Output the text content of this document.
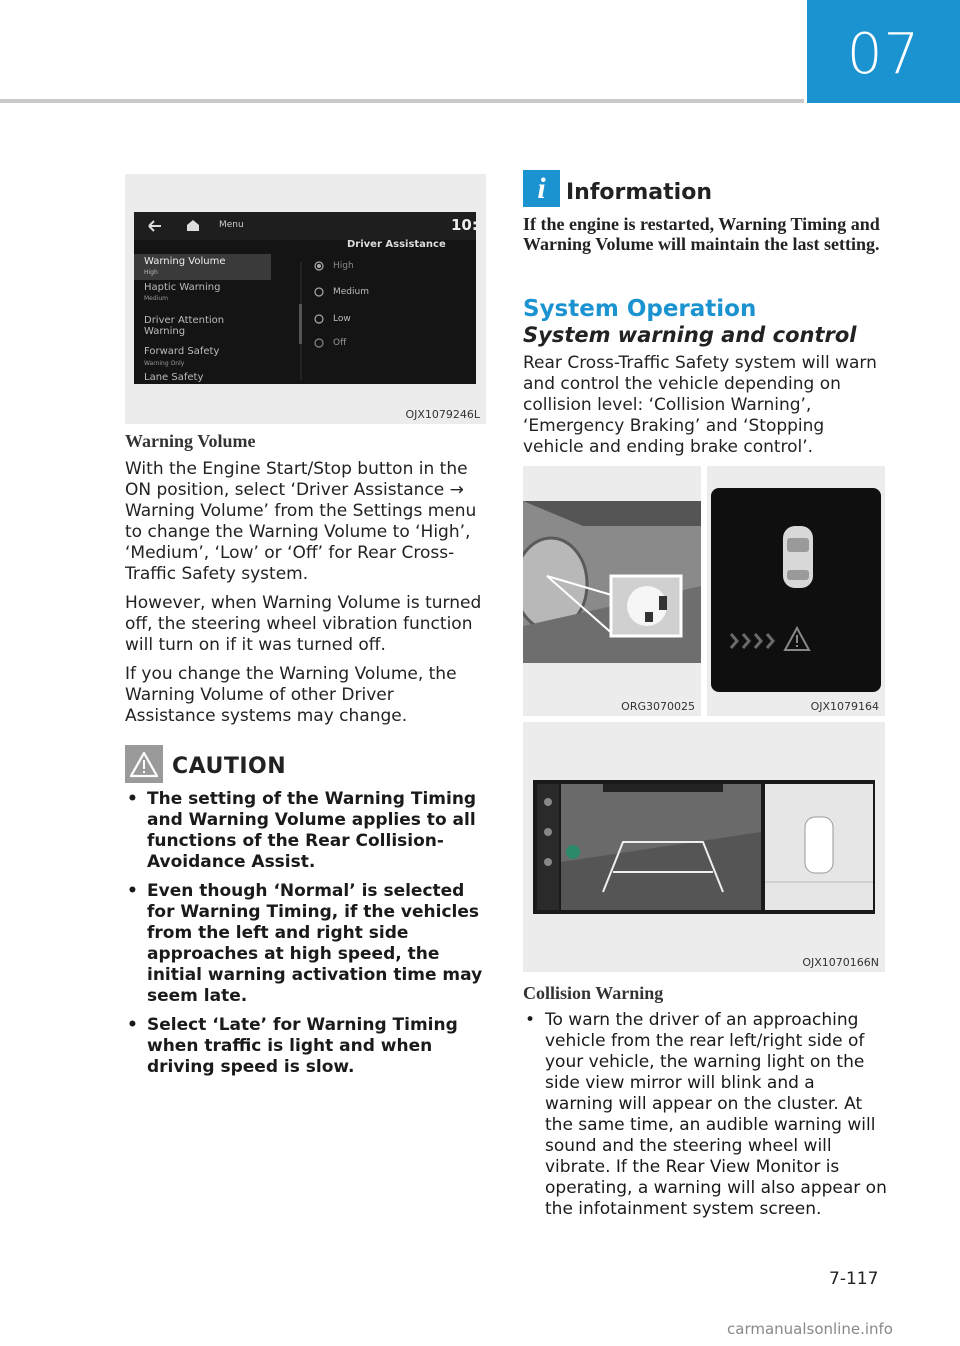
07
Menu	10:
Driver Assistance
Warning Volume
High
Haptic Warning
Medium
Driver Attention
Warning
Forward Safety
Warning Only
Lane Safety
High
Medium
Low
Off
OJX1079246L
Warning Volume

With the Engine Start/Stop button in the ON position, select ‘Driver Assistance → Warning Volume’ from the Settings menu to change the Warning Volume to ‘High’, ‘Medium’, ‘Low’ or ‘Off’ for Rear Cross-Traffic Safety system.

However, when Warning Volume is turned off, the steering wheel vibration function will turn on if it was turned off.

If you change the Warning Volume, the Warning Volume of other Driver Assistance systems may change.

CAUTION
• The setting of the Warning Timing and Warning Volume applies to all functions of the Rear Collision-Avoidance Assist.
• Even though ‘Normal’ is selected for Warning Timing, if the vehicles from the left and right side approaches at high speed, the initial warning activation time may seem late.
• Select ‘Late’ for Warning Timing when traffic is light and when driving speed is slow.
i Information
If the engine is restarted, Warning Timing and Warning Volume will maintain the last setting.
System Operation
System warning and control
Rear Cross-Traffic Safety system will warn and control the vehicle depending on collision level: ‘Collision Warning’, ‘Emergency Braking’ and ‘Stopping vehicle and ending brake control’.
ORG3070025	OJX1079164
OJX1070166N
Collision Warning
• To warn the driver of an approaching vehicle from the rear left/right side of your vehicle, the warning light on the side view mirror will blink and a warning will appear on the cluster. At the same time, an audible warning will sound and the steering wheel will vibrate. If the Rear View Monitor is operating, a warning will also appear on the infotainment system screen.
7-117
carmanualsonline.info
